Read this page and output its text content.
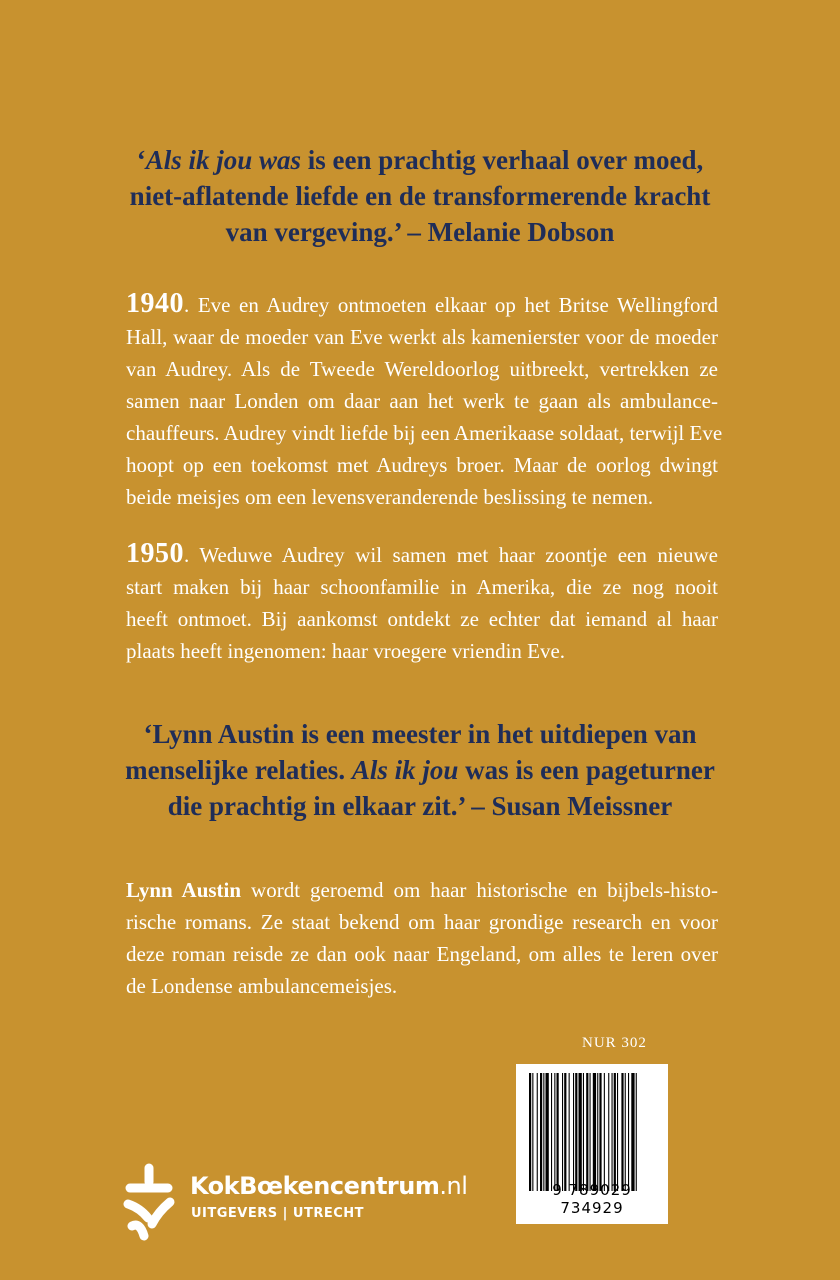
‘Als ik jou was is een prachtig verhaal over moed,
niet-aflatende liefde en de transformerende kracht
van vergeving.’ – Melanie Dobson
1940. Eve en Audrey ontmoeten elkaar op het Britse Wellingford
Hall, waar de moeder van Eve werkt als kamenierster voor de moeder
van Audrey. Als de Tweede Wereldoorlog uitbreekt, vertrekken ze
samen naar Londen om daar aan het werk te gaan als ambulance-
chauffeurs. Audrey vindt liefde bij een Amerikaase soldaat, terwijl Eve
hoopt op een toekomst met Audreys broer. Maar de oorlog dwingt
beide meisjes om een levensveranderende beslissing te nemen.
1950. Weduwe Audrey wil samen met haar zoontje een nieuwe
start maken bij haar schoonfamilie in Amerika, die ze nog nooit
heeft ontmoet. Bij aankomst ontdekt ze echter dat iemand al haar
plaats heeft ingenomen: haar vroegere vriendin Eve.
‘Lynn Austin is een meester in het uitdiepen van
menselijke relaties. Als ik jou was is een pageturner
die prachtig in elkaar zit.’ – Susan Meissner
Lynn Austin wordt geroemd om haar historische en bijbels-histo-
rische romans. Ze staat bekend om haar grondige research en voor
deze roman reisde ze dan ook naar Engeland, om alles te leren over
de Londense ambulancemeisjes.
NUR 302
9 789029 734929
KokBœkencentrum.nl
UITGEVERS | UTRECHT
